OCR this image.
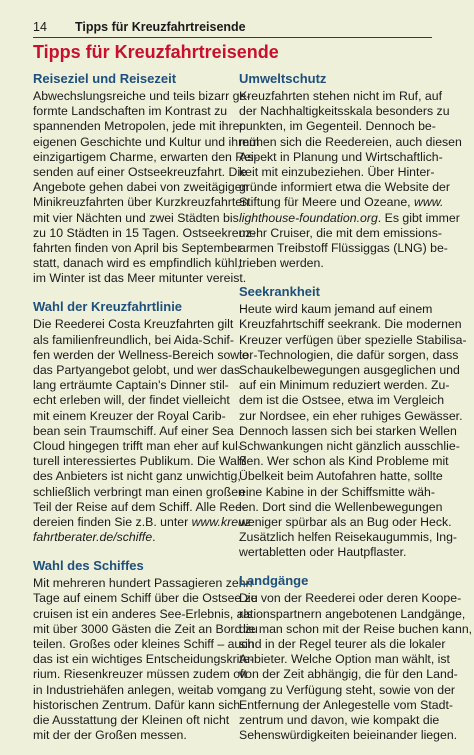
14 Tipps für Kreuzfahrtreisende
Tipps für Kreuzfahrtreisende
Reiseziel und Reisezeit
Abwechslungsreiche und teils bizarr ge-
formte Landschaften im Kontrast zu
spannenden Metropolen, jede mit ihrer
eigenen Geschichte und Kultur und ihrem
einzigartigem Charme, erwarten den Rei-
senden auf einer Ostseekreuzfahrt. Die
Angebote gehen dabei von zweitägigen
Minikreuzfahrten über Kurzkreuzfahrten
mit vier Nächten und zwei Städten bis
zu 10 Städten in 15 Tagen. Ostseekreuz-
fahrten finden von April bis September
statt, danach wird es empfindlich kühl,
im Winter ist das Meer mitunter vereist.
Wahl der Kreuzfahrtlinie
Die Reederei Costa Kreuzfahrten gilt
als familienfreundlich, bei Aida-Schif-
fen werden der Wellness-Bereich sowie
das Partyangebot gelobt, und wer das
lang erträumte Captain's Dinner stil-
echt erleben will, der findet vielleicht
mit einem Kreuzer der Royal Carib-
bean sein Traumschiff. Auf einer Sea
Cloud hingegen trifft man eher auf kul-
turell interessiertes Publikum. Die Wahl
des Anbieters ist nicht ganz unwichtig,
schließlich verbringt man einen großen
Teil der Reise auf dem Schiff. Alle Ree-
dereien finden Sie z.B. unter www.kreuz
fahrtberater.de/schiffe.
Wahl des Schiffes
Mit mehreren hundert Passagieren zehn
Tage auf einem Schiff über die Ostsee zu
cruisen ist ein anderes See-Erlebnis, als
mit über 3000 Gästen die Zeit an Bord zu
teilen. Großes oder kleines Schiff – auch
das ist ein wichtiges Entscheidungskrite-
rium. Riesenkreuzer müssen zudem oft
in Industriehäfen anlegen, weitab vom
historischen Zentrum. Dafür kann sich
die Ausstattung der Kleinen oft nicht
mit der der Großen messen.
Umweltschutz
Kreuzfahrten stehen nicht im Ruf, auf
der Nachhaltigkeitsskala besonders zu
punkten, im Gegenteil. Dennoch be-
mühen sich die Reedereien, auch diesen
Aspekt in Planung und Wirtschaftlich-
keit mit einzubeziehen. Über Hinter-
gründe informiert etwa die Website der
Stiftung für Meere und Ozeane, www.
lighthouse-foundation.org. Es gibt immer
mehr Cruiser, die mit dem emissions-
armen Treibstoff Flüssiggas (LNG) be-
trieben werden.
Seekrankheit
Heute wird kaum jemand auf einem
Kreuzfahrtschiff seekrank. Die modernen
Kreuzer verfügen über spezielle Stabilisa-
tor-Technologien, die dafür sorgen, dass
Schaukelbewegungen ausgeglichen und
auf ein Minimum reduziert werden. Zu-
dem ist die Ostsee, etwa im Vergleich
zur Nordsee, ein eher ruhiges Gewässer.
Dennoch lassen sich bei starken Wellen
Schwankungen nicht gänzlich ausschlie-
ßen. Wer schon als Kind Probleme mit
Übelkeit beim Autofahren hatte, sollte
eine Kabine in der Schiffsmitte wäh-
len. Dort sind die Wellenbewegungen
weniger spürbar als an Bug oder Heck.
Zusätzlich helfen Reisekaugummis, Ing-
wertabletten oder Hautpflaster.
Landgänge
Die von der Reederei oder deren Koope-
rationspartnern angebotenen Landgänge,
die man schon mit der Reise buchen kann,
sind in der Regel teurer als die lokaler
Anbieter. Welche Option man wählt, ist
von der Zeit abhängig, die für den Land-
gang zu Verfügung steht, sowie von der
Entfernung der Anlegestelle vom Stadt-
zentrum und davon, wie kompakt die
Sehenswürdigkeiten beieinander liegen.
